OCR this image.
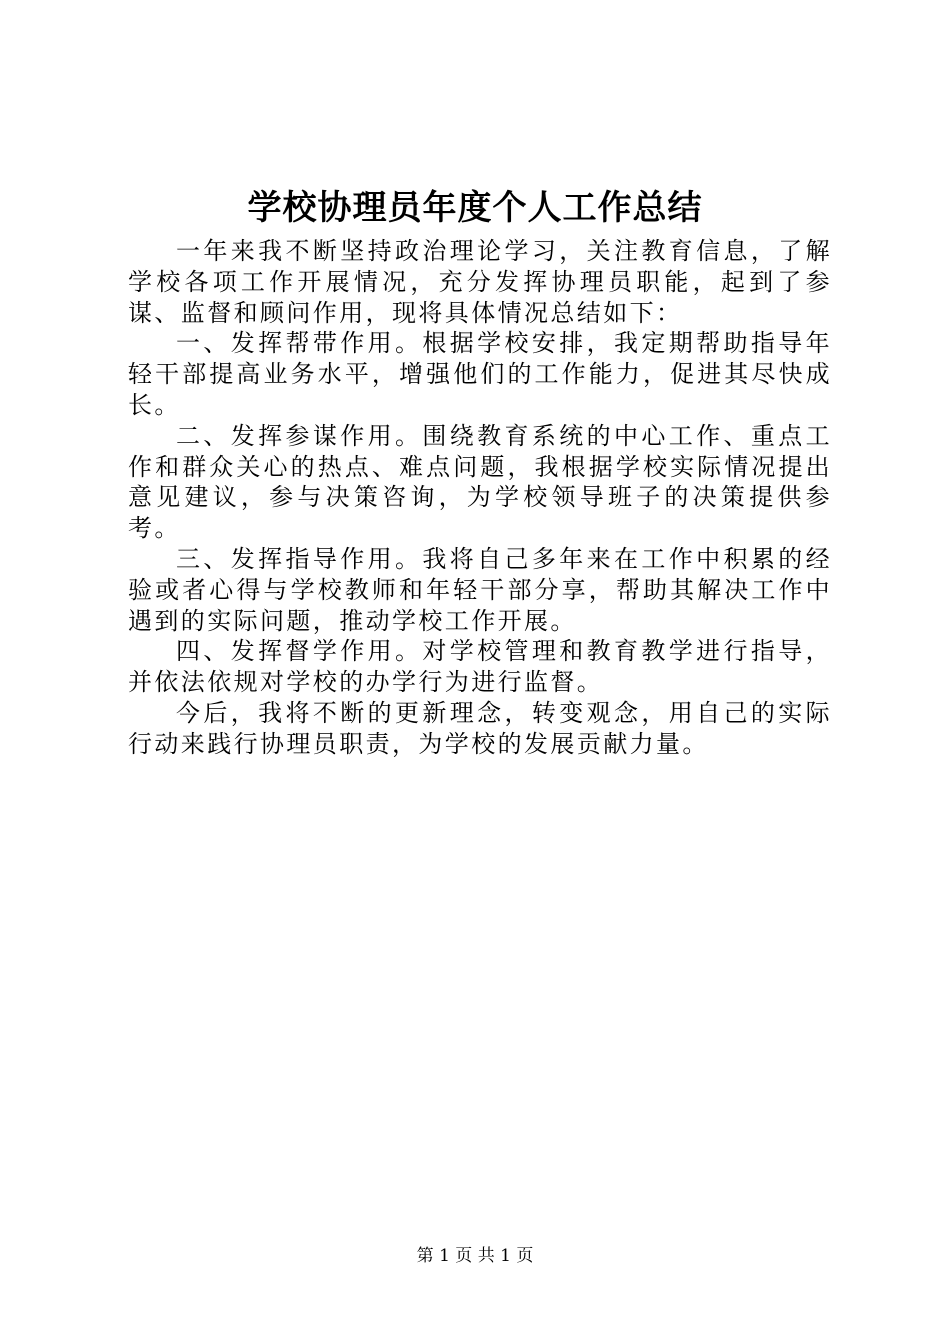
学校协理员年度个人工作总结

一年来我不断坚持政治理论学习，关注教育信息，了解学校各项工作开展情况，充分发挥协理员职能，起到了参谋、监督和顾问作用，现将具体情况总结如下：

一、发挥帮带作用。根据学校安排，我定期帮助指导年轻干部提高业务水平，增强他们的工作能力，促进其尽快成长。

二、发挥参谋作用。围绕教育系统的中心工作、重点工作和群众关心的热点、难点问题，我根据学校实际情况提出意见建议，参与决策咨询，为学校领导班子的决策提供参考。

三、发挥指导作用。我将自己多年来在工作中积累的经验或者心得与学校教师和年轻干部分享，帮助其解决工作中遇到的实际问题，推动学校工作开展。

四、发挥督学作用。对学校管理和教育教学进行指导，并依法依规对学校的办学行为进行监督。

今后，我将不断的更新理念，转变观念，用自己的实际行动来践行协理员职责，为学校的发展贡献力量。

第 1 页 共 1 页
